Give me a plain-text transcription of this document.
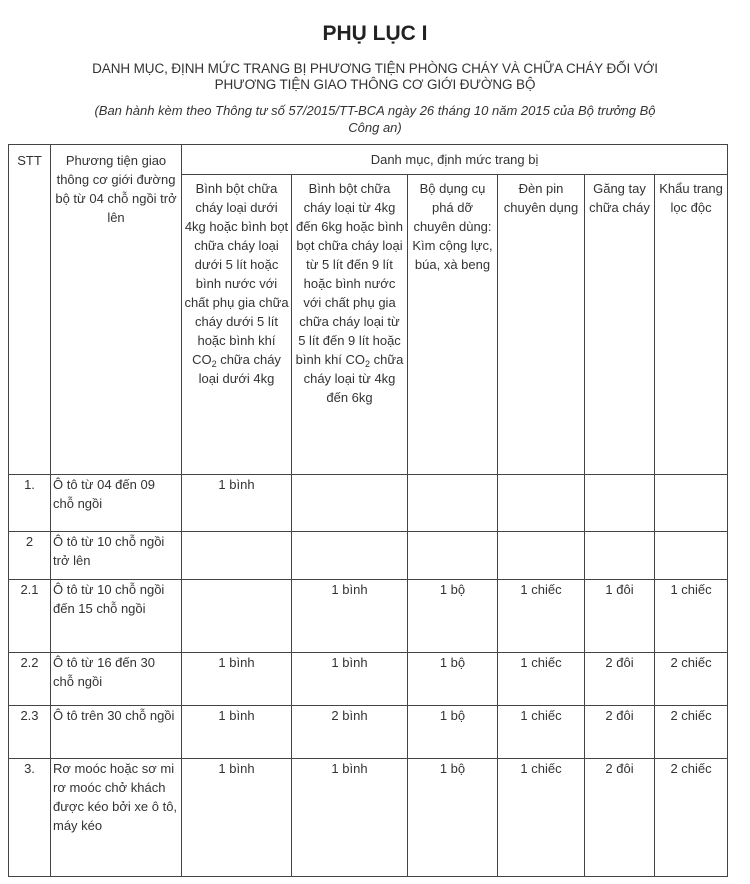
PHỤ LỤC I
DANH MỤC, ĐỊNH MỨC TRANG BỊ PHƯƠNG TIỆN PHÒNG CHÁY VÀ CHỮA CHÁY ĐỐI VỚI
PHƯƠNG TIỆN GIAO THÔNG CƠ GIỚI ĐƯỜNG BỘ
(Ban hành kèm theo Thông tư số 57/2015/TT-BCA ngày 26 tháng 10 năm 2015 của Bộ trưởng Bộ
Công an)
STT	Phương tiện giao thông cơ giới đường bộ từ 04 chỗ ngồi trở lên	Danh mục, định mức trang bị					
		Bình bột chữa cháy loại dưới 4kg hoặc bình bọt chữa cháy loại dưới 5 lít hoặc bình nước với chất phụ gia chữa cháy dưới 5 lít hoặc bình khí $CO_2$ chữa cháy loại dưới 4kg	Bình bột chữa cháy loại từ 4kg đến 6kg hoặc bình bọt chữa cháy loại từ 5 lít đến 9 lít hoặc bình nước với chất phụ gia chữa cháy loại từ 5 lít đến 9 lít hoặc bình khí $CO_2$ chữa cháy loại từ 4kg đến 6kg	Bộ dụng cụ phá dỡ chuyên dùng: Kìm cộng lực, búa, xà beng	Đèn pin chuyên dụng	Găng tay chữa cháy	Khẩu trang lọc độc
1.	Ô tô từ 04 đến 09 chỗ ngồi	1 bình					
2	Ô tô từ 10 chỗ ngồi trở lên						
2.1	Ô tô từ 10 chỗ ngồi đến 15 chỗ ngồi		1 bình	1 bộ	1 chiếc	1 đôi	1 chiếc
2.2	Ô tô từ 16 đến 30 chỗ ngồi	1 bình	1 bình	1 bộ	1 chiếc	2 đôi	2 chiếc
2.3	Ô tô trên 30 chỗ ngồi	1 bình	2 bình	1 bộ	1 chiếc	2 đôi	2 chiếc
3.	Rơ moóc hoặc sơ mi rơ moóc chở khách được kéo bởi xe ô tô, máy kéo	1 bình	1 bình	1 bộ	1 chiếc	2 đôi	2 chiếc
